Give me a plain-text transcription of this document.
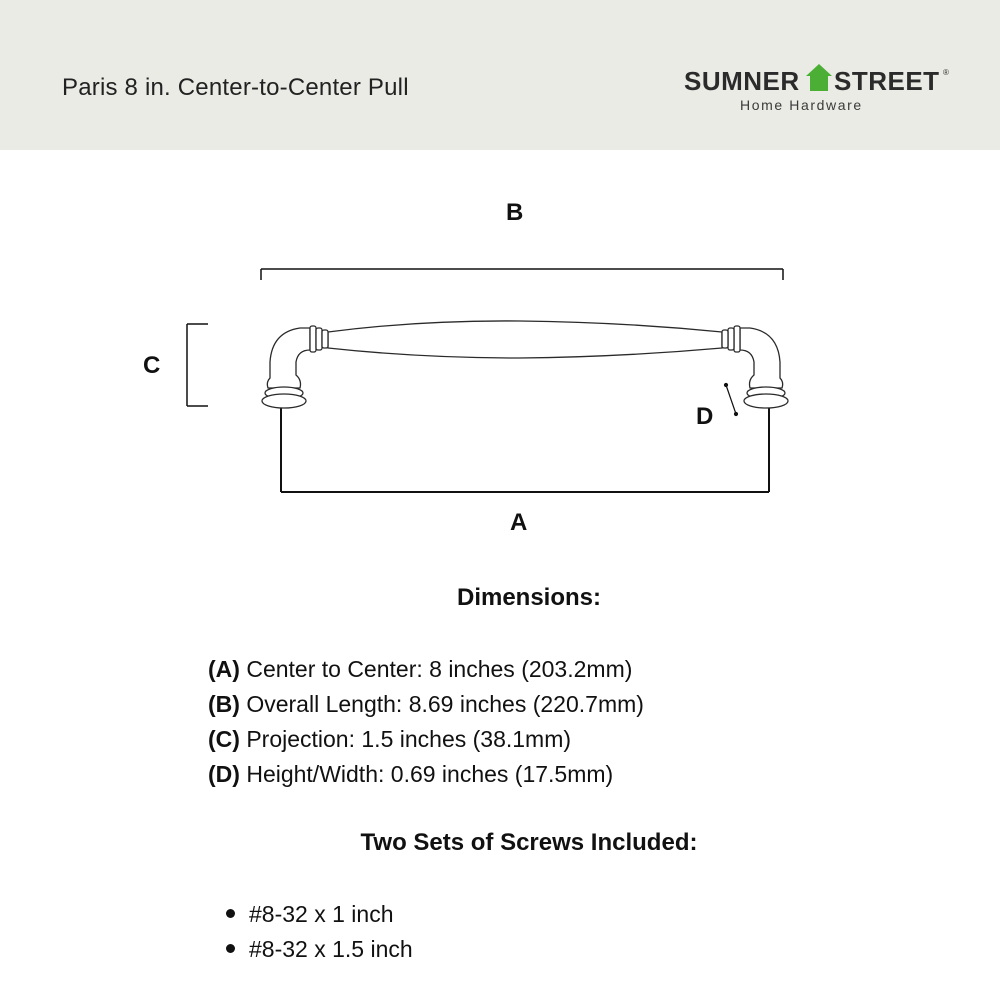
Paris 8 in. Center-to-Center Pull	SUMNER STREET ®
Home Hardware
B
C
D
A
Dimensions:
(A) Center to Center: 8 inches (203.2mm)
(B) Overall Length: 8.69 inches (220.7mm)
(C) Projection: 1.5 inches (38.1mm)
(D) Height/Width: 0.69 inches (17.5mm)
Two Sets of Screws Included:
#8-32 x 1 inch
#8-32 x 1.5 inch
